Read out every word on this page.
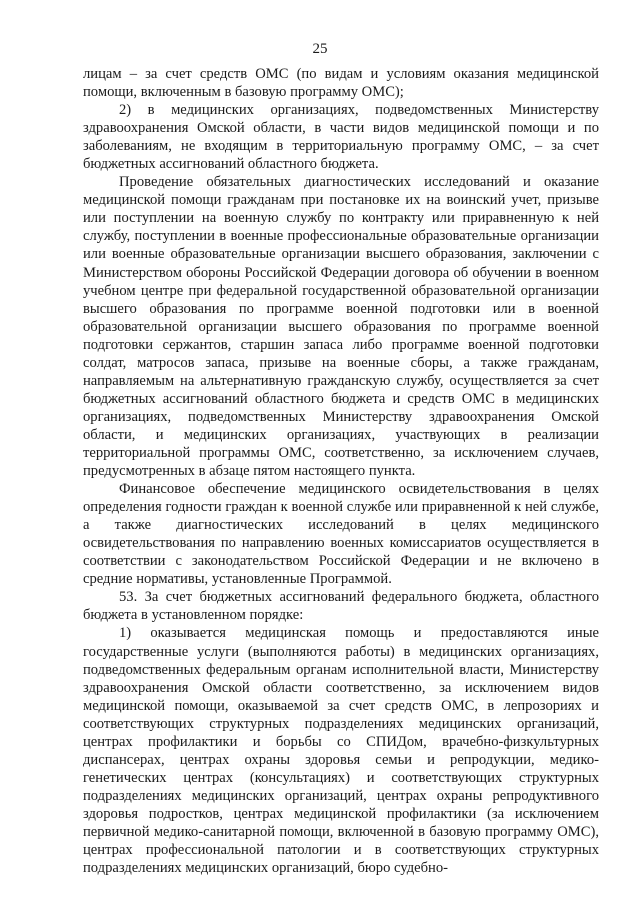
25

лицам – за счет средств ОМС (по видам и условиям оказания медицинской помощи, включенным в базовую программу ОМС);

2) в медицинских организациях, подведомственных Министерству здравоохранения Омской области, в части видов медицинской помощи и по заболеваниям, не входящим в территориальную программу ОМС, – за счет бюджетных ассигнований областного бюджета.

Проведение обязательных диагностических исследований и оказание медицинской помощи гражданам при постановке их на воинский учет, призыве или поступлении на военную службу по контракту или приравненную к ней службу, поступлении в военные профессиональные образовательные организации или военные образовательные организации высшего образования, заключении с Министерством обороны Российской Федерации договора об обучении в военном учебном центре при федеральной государственной образовательной организации высшего образования по программе военной подготовки или в военной образовательной организации высшего образования по программе военной подготовки сержантов, старшин запаса либо программе военной подготовки солдат, матросов запаса, призыве на военные сборы, а также гражданам, направляемым на альтернативную гражданскую службу, осуществляется за счет бюджетных ассигнований областного бюджета и средств ОМС в медицинских организациях, подведомственных Министерству здравоохранения Омской области, и медицинских организациях, участвующих в реализации территориальной программы ОМС, соответственно, за исключением случаев, предусмотренных в абзаце пятом настоящего пункта.

Финансовое обеспечение медицинского освидетельствования в целях определения годности граждан к военной службе или приравненной к ней службе, а также диагностических исследований в целях медицинского освидетельствования по направлению военных комиссариатов осуществляется в соответствии с законодательством Российской Федерации и не включено в средние нормативы, установленные Программой.

53. За счет бюджетных ассигнований федерального бюджета, областного бюджета в установленном порядке:

1) оказывается медицинская помощь и предоставляются иные государственные услуги (выполняются работы) в медицинских организациях, подведомственных федеральным органам исполнительной власти, Министерству здравоохранения Омской области соответственно, за исключением видов медицинской помощи, оказываемой за счет средств ОМС, в лепрозориях и соответствующих структурных подразделениях медицинских организаций, центрах профилактики и борьбы со СПИДом, врачебно-физкультурных диспансерах, центрах охраны здоровья семьи и репродукции, медико-генетических центрах (консультациях) и соответствующих структурных подразделениях медицинских организаций, центрах охраны репродуктивного здоровья подростков, центрах медицинской профилактики (за исключением первичной медико-санитарной помощи, включенной в базовую программу ОМС), центрах профессиональной патологии и в соответствующих структурных подразделениях медицинских организаций, бюро судебно-
